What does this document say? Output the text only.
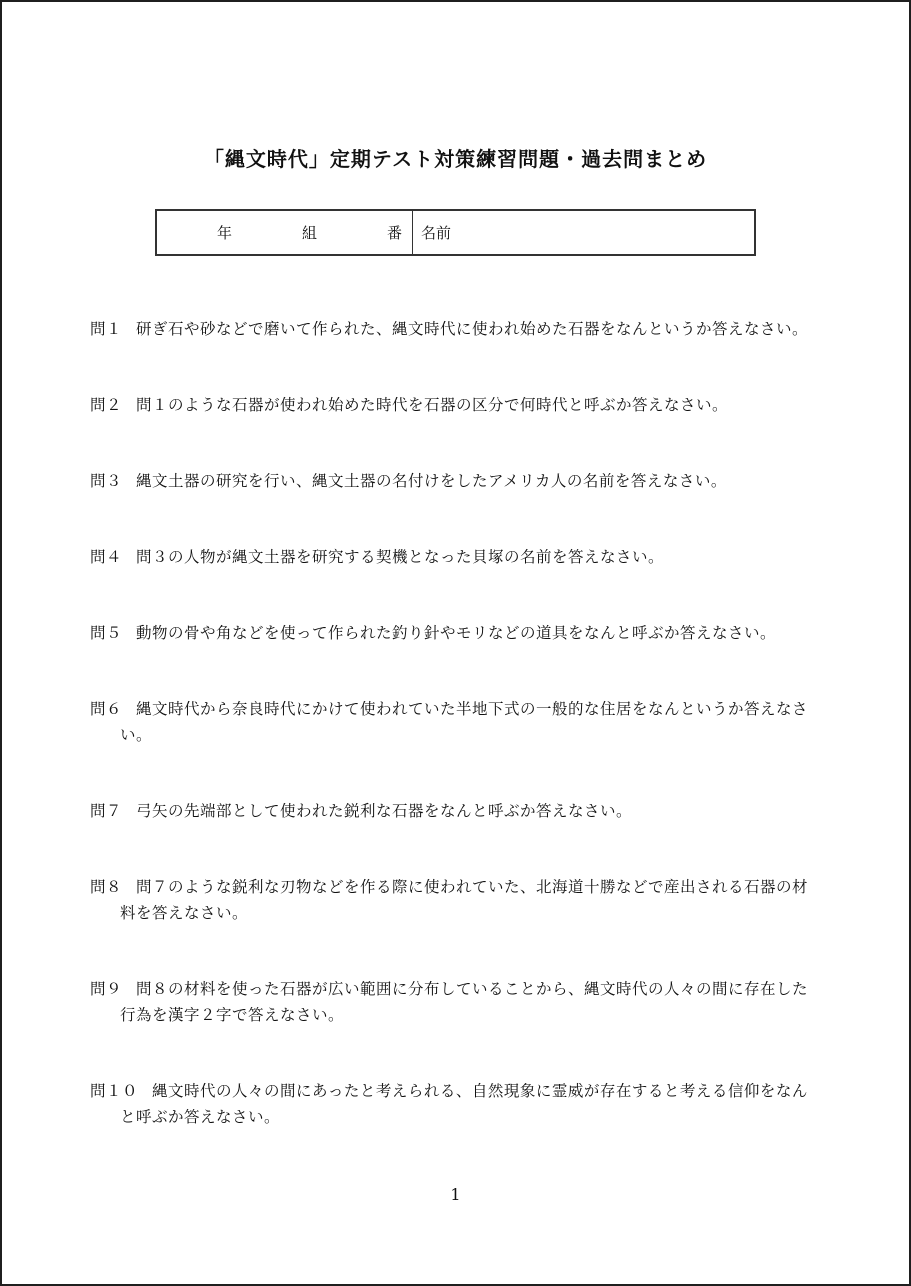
「縄文時代」定期テスト対策練習問題・過去問まとめ
年	組	番 名前

問１ 研ぎ石や砂などで磨いて作られた、縄文時代に使われ始めた石器をなんというか答えなさい。

問２ 問１のような石器が使われ始めた時代を石器の区分で何時代と呼ぶか答えなさい。

問３ 縄文土器の研究を行い、縄文土器の名付けをしたアメリカ人の名前を答えなさい。

問４ 問３の人物が縄文土器を研究する契機となった貝塚の名前を答えなさい。

問５ 動物の骨や角などを使って作られた釣り針やモリなどの道具をなんと呼ぶか答えなさい。

問６ 縄文時代から奈良時代にかけて使われていた半地下式の一般的な住居をなんというか答えなさい。

問７ 弓矢の先端部として使われた鋭利な石器をなんと呼ぶか答えなさい。

問８ 問７のような鋭利な刃物などを作る際に使われていた、北海道十勝などで産出される石器の材料を答えなさい。

問９ 問８の材料を使った石器が広い範囲に分布していることから、縄文時代の人々の間に存在した行為を漢字２字で答えなさい。

問１０ 縄文時代の人々の間にあったと考えられる、自然現象に霊威が存在すると考える信仰をなんと呼ぶか答えなさい。

1
